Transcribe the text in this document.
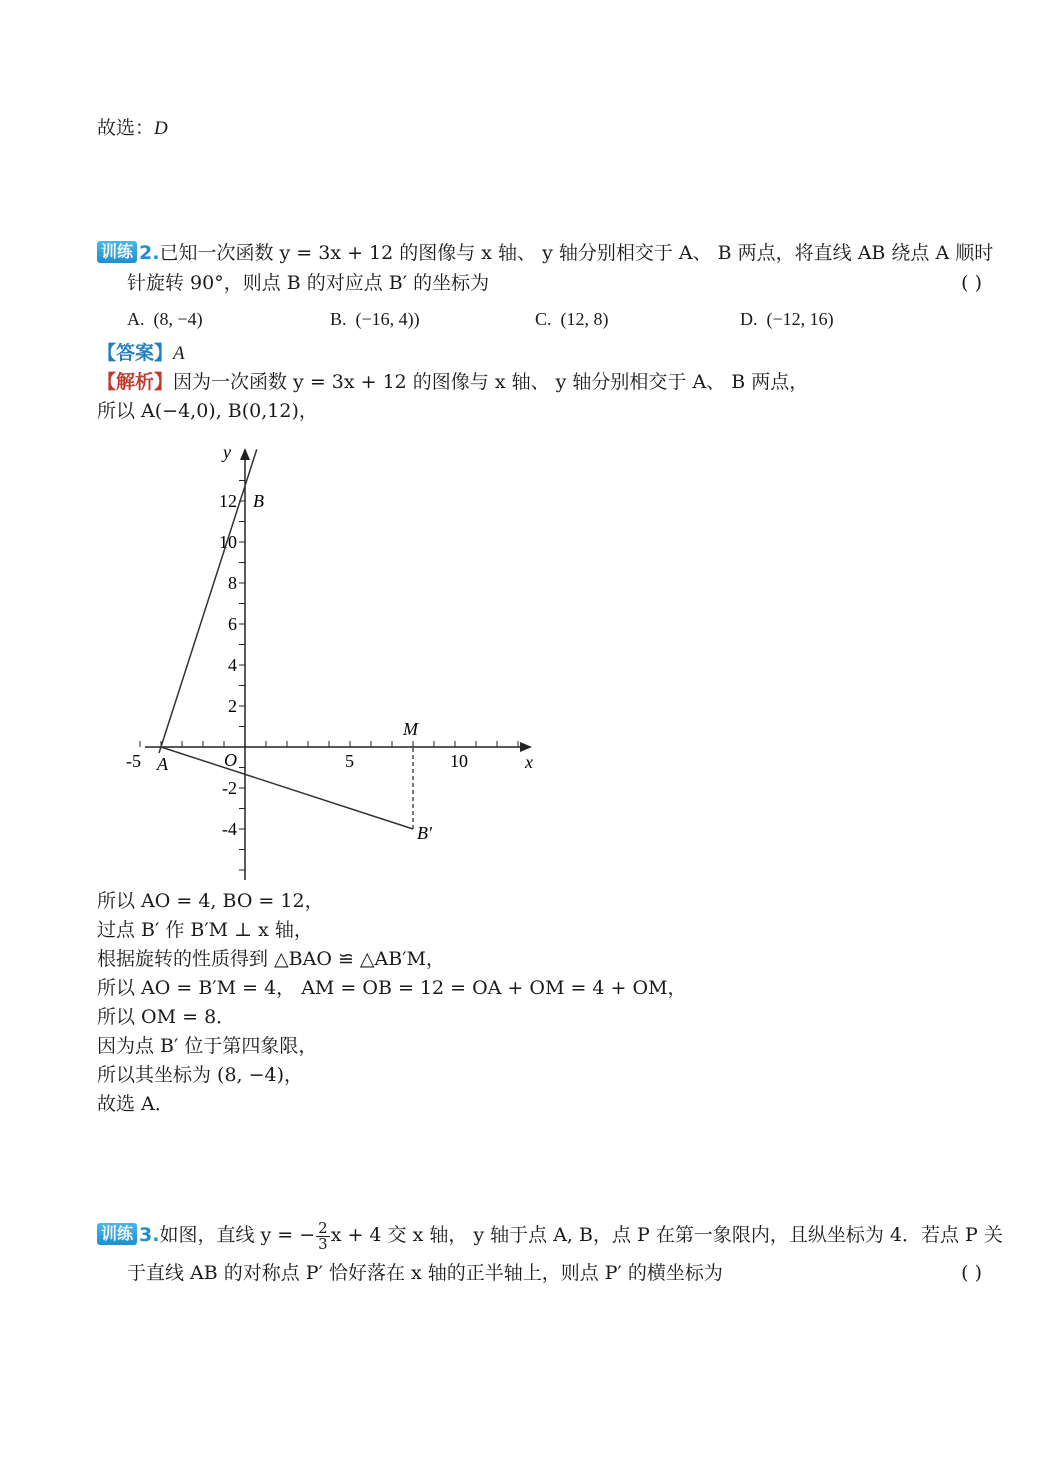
故选：D
训练 2.已知一次函数 y = 3x + 12 的图像与 x 轴、 y 轴分别相交于 A、 B 两点，将直线 AB 绕点 A 顺时
针旋转 90°，则点 B 的对应点 B′ 的坐标为	( )
A. (8, −4)	B. (−16, 4))	C. (12, 8)	D. (−12, 16)
【答案】A
【解析】因为一次函数 y = 3x + 12 的图像与 x 轴、 y 轴分别相交于 A、 B 两点，
所以 A(−4,0), B(0,12)，
-5	5	10
12
10
8
6
4
2
-2
-4
x
y
O
A
B
M
B′
所以 AO = 4, BO = 12，
过点 B′ 作 B′M ⊥ x 轴，
根据旋转的性质得到 △BAO ≌ △AB′M，
所以 AO = B′M = 4， AM = OB = 12 = OA + OM = 4 + OM，
所以 OM = 8．
因为点 B′ 位于第四象限，
所以其坐标为 (8, −4)，
故选 A．
训练 3.如图，直线 y = − $\frac{2}{3}$ x + 4 交 x 轴， y 轴于点 A, B，点 P 在第一象限内，且纵坐标为 4．若点 P 关
于直线 AB 的对称点 P′ 恰好落在 x 轴的正半轴上，则点 P′ 的横坐标为	( )
